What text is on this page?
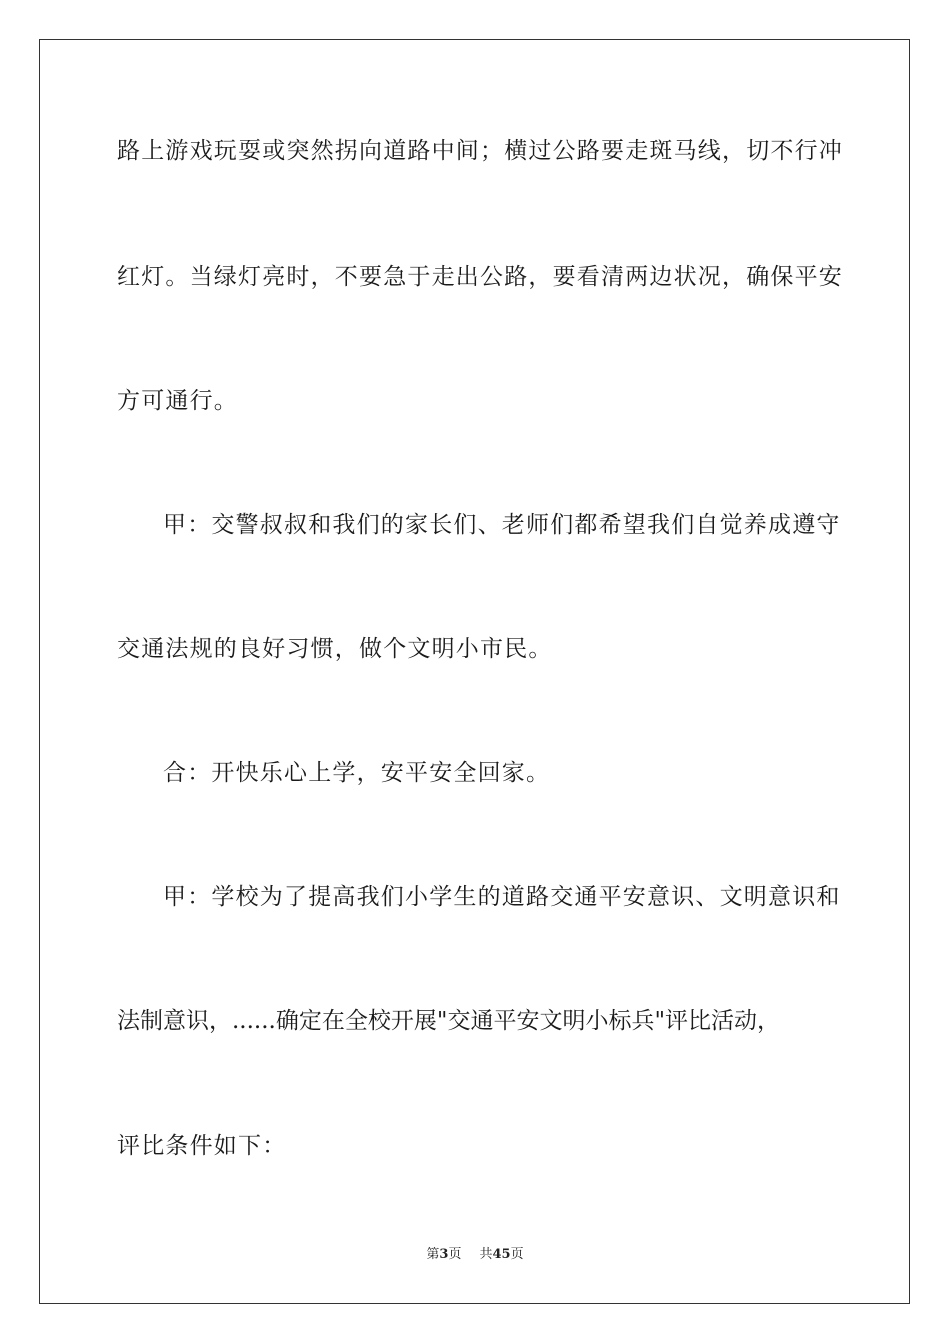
路上游戏玩耍或突然拐向道路中间；横过公路要走斑马线，切不行冲
红灯。当绿灯亮时，不要急于走出公路，要看清两边状况，确保平安
方可通行。
甲：交警叔叔和我们的家长们、老师们都希望我们自觉养成遵守
交通法规的良好习惯，做个文明小市民。
合：开快乐心上学，安平安全回家。
甲：学校为了提高我们小学生的道路交通平安意识、文明意识和
法制意识，......确定在全校开展"交通平安文明小标兵"评比活动，
评比条件如下：
第3页 共45页
